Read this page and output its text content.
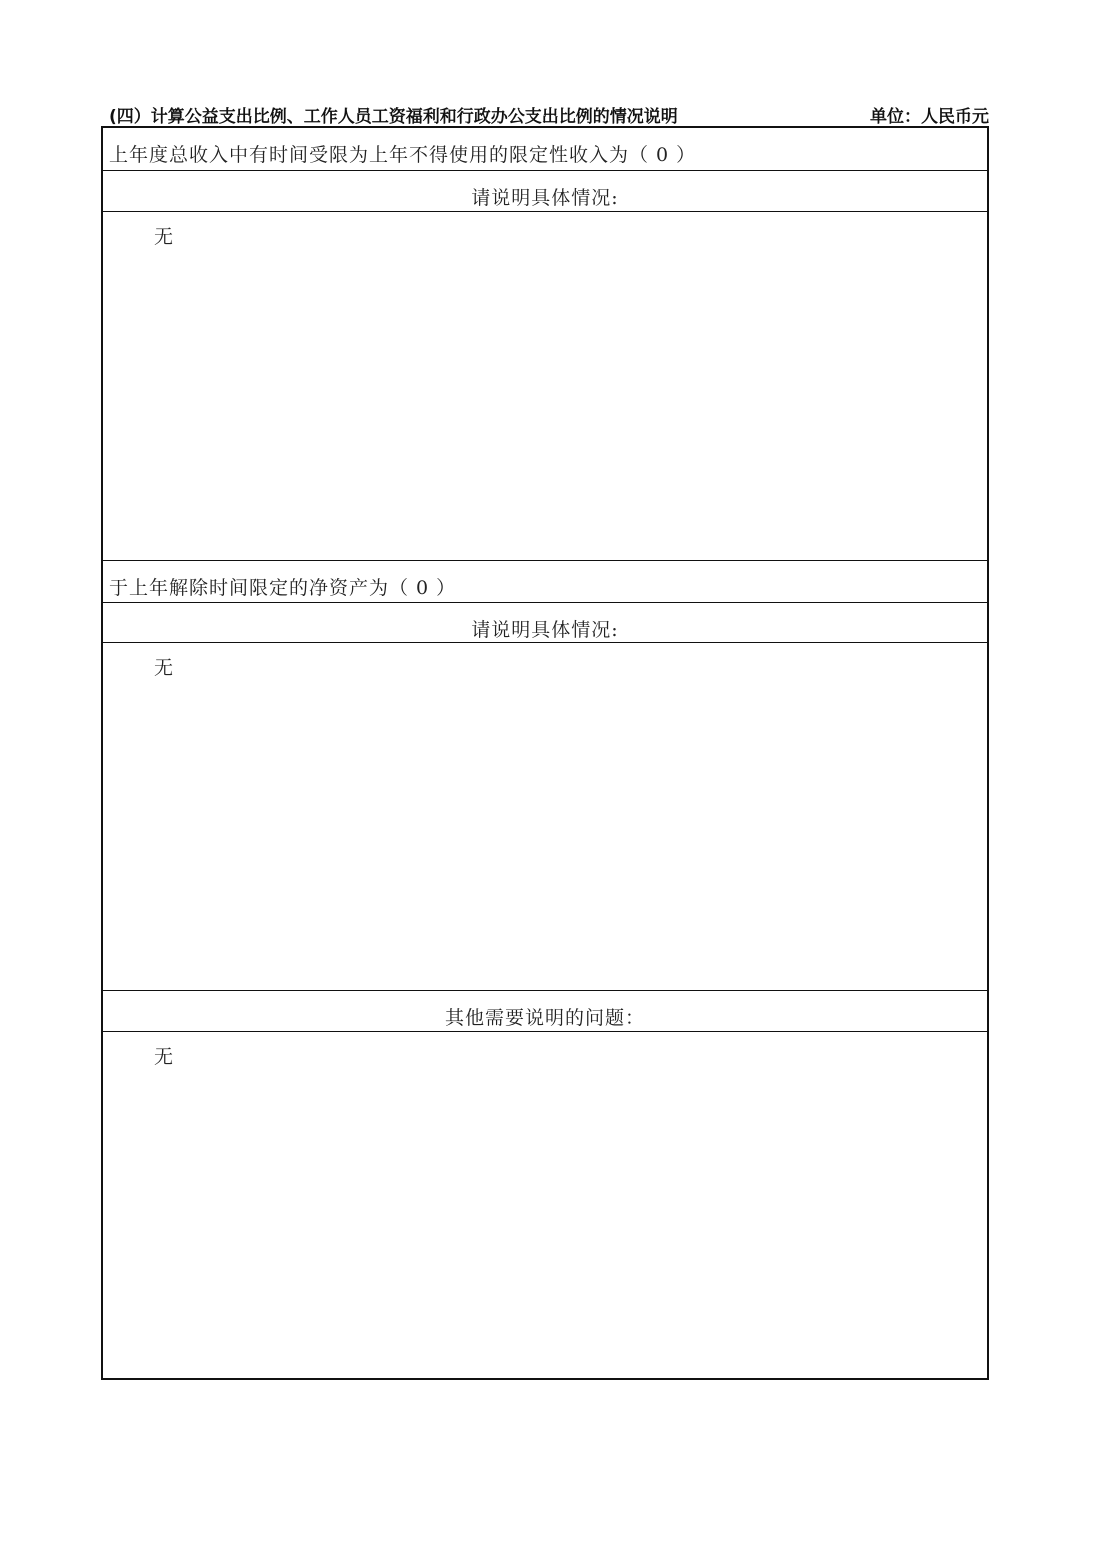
(四）计算公益支出比例、工作人员工资福利和行政办公支出比例的情况说明	单位：人民币元
上年度总收入中有时间受限为上年不得使用的限定性收入为（ 0 ）
请说明具体情况:
无
于上年解除时间限定的净资产为（ 0 ）
请说明具体情况:
无
其他需要说明的问题：
无
